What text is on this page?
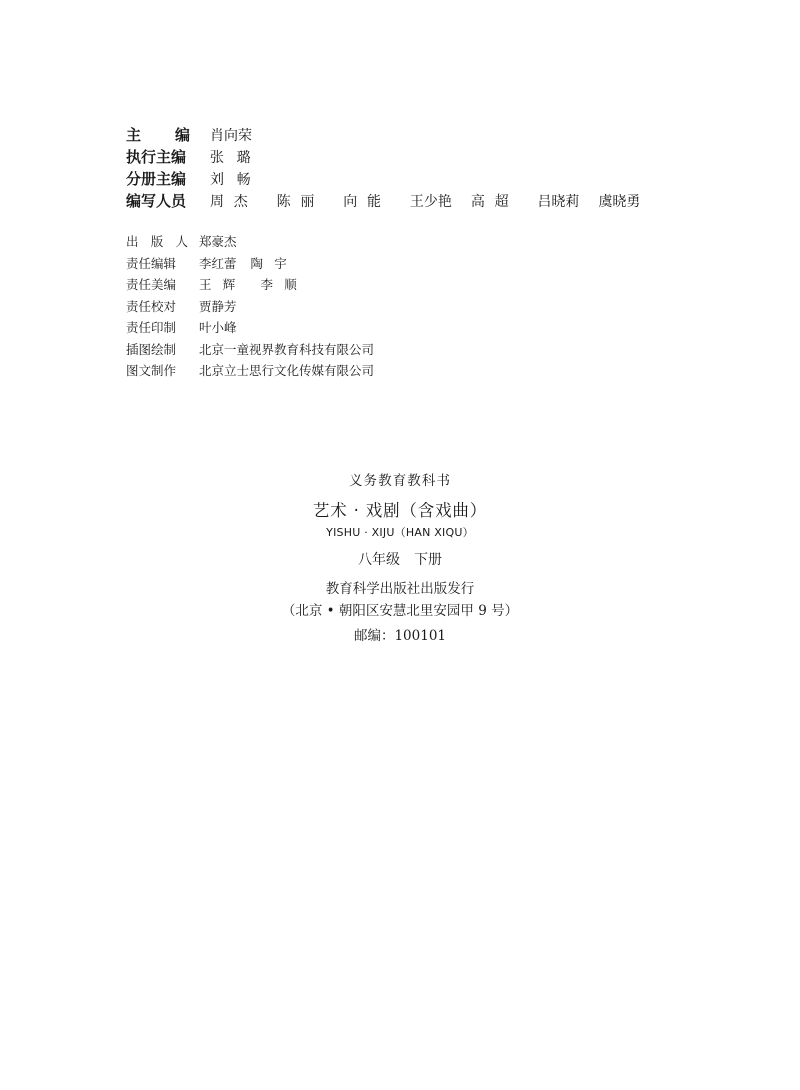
主 编 肖向荣
执行主编	张璐
分册主编	刘畅
编写人员	周杰 陈丽 向能 王少艳 高超 吕晓莉 虞晓勇
出 版 人 郑豪杰
责任编辑	李红蕾 陶宇
责任美编	王辉 李顺
责任校对	贾静芳
责任印制	叶小峰
插图绘制	北京一童视界教育科技有限公司
图文制作	北京立士思行文化传媒有限公司
义务教育教科书
艺术 · 戏剧（含戏曲）
YISHU · XIJU（HAN XIQU）
八年级 下册
教育科学出版社出版发行
（北京 • 朝阳区安慧北里安园甲 9 号）
邮编：100101
